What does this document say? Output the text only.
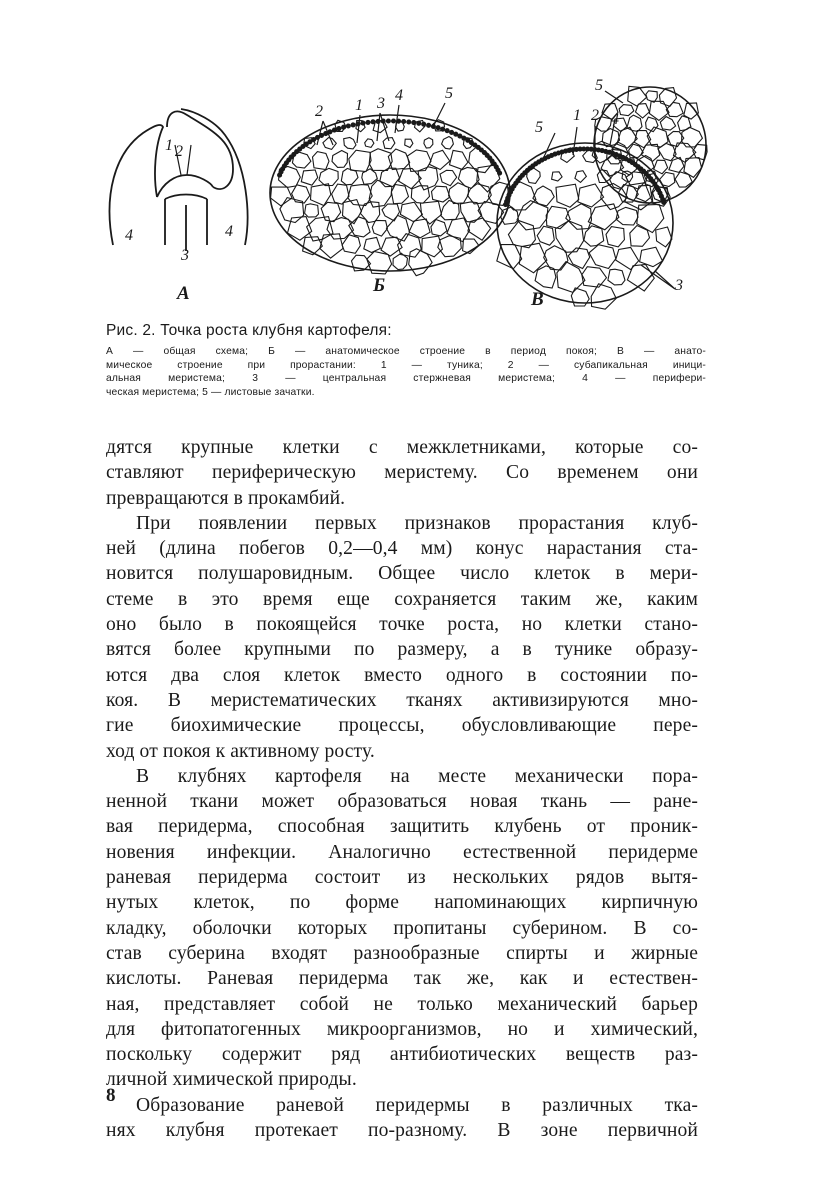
1 2
3
4	4
А
2 1 3 4	5
Б
5
1 2 4
5
3
В
Рис. 2. Точка роста клубня картофеля:
А — общая схема; Б — анатомическое строение в период покоя; В — анато-
мическое строение при прорастании: 1 — туника; 2 — субапикальная иници-
альная меристема; 3 — центральная стержневая меристема; 4 — перифери-
ческая меристема; 5 — листовые зачатки.
дятся крупные клетки с межклетниками, которые со-
ставляют периферическую меристему. Со временем они
превращаются в прокамбий.
При появлении первых признаков прорастания клуб-
ней (длина побегов 0,2—0,4 мм) конус нарастания ста-
новится полушаровидным. Общее число клеток в мери-
стеме в это время еще сохраняется таким же, каким
оно было в покоящейся точке роста, но клетки стано-
вятся более крупными по размеру, а в тунике образу-
ются два слоя клеток вместо одного в состоянии по-
коя. В меристематических тканях активизируются мно-
гие биохимические процессы, обусловливающие пере-
ход от покоя к активному росту.
В клубнях картофеля на месте механически пора-
ненной ткани может образоваться новая ткань — ране-
вая перидерма, способная защитить клубень от проник-
новения инфекции. Аналогично естественной перидерме
раневая перидерма состоит из нескольких рядов вытя-
нутых клеток, по форме напоминающих кирпичную
кладку, оболочки которых пропитаны суберином. В со-
став суберина входят разнообразные спирты и жирные
кислоты. Раневая перидерма так же, как и естествен-
ная, представляет собой не только механический барьер
для фитопатогенных микроорганизмов, но и химический,
поскольку содержит ряд антибиотических веществ раз-
личной химической природы.
Образование раневой перидермы в различных тка-
нях клубня протекает по-разному. В зоне первичной
8
